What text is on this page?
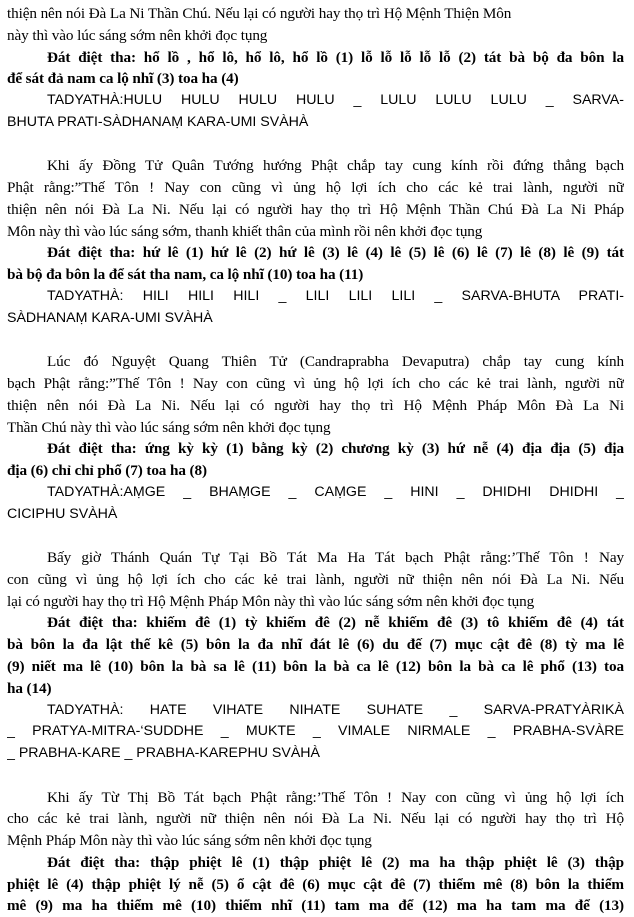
thiện nên nói Đà La Ni Thần Chú. Nếu lại có người hay thọ trì Hộ Mệnh Thiện Môn
này thì vào lúc sáng sớm nên khởi đọc tụng
Đát điệt tha: hổ lồ , hổ lô, hổ lô, hổ lồ (1) lỗ lỗ lỗ lỗ lỗ (2) tát bà bộ đa bôn la
để sát đả nam ca lộ nhĩ (3) toa ha (4)
TADYATHÀ:HULU HULU HULU HULU _ LULU LULU LULU _ SARVA-
BHUTA PRATI-SÀDHANAṂ KARA-UMI SVÀHÀ
Khi ấy Đồng Tử Quân Tướng hướng Phật chắp tay cung kính rồi đứng thẳng bạch
Phật rằng:”Thế Tôn ! Nay con cũng vì ủng hộ lợi ích cho các kẻ trai lành, người nữ
thiện nên nói Đà La Ni. Nếu lại có người hay thọ trì Hộ Mệnh Thần Chú Đà La Ni Pháp
Môn này thì vào lúc sáng sớm, thanh khiết thân của mình rồi nên khởi đọc tụng
Đát điệt tha: hứ lê (1) hứ lê (2) hứ lê (3) lê (4) lê (5) lê (6) lê (7) lê (8) lê (9) tát
bà bộ đa bôn la để sát tha nam, ca lộ nhĩ (10) toa ha (11)
TADYATHÀ: HILI HILI HILI _ LILI LILI LILI _ SARVA-BHUTA PRATI-
SÀDHANAṂ KARA-UMI SVÀHÀ
Lúc đó Nguyệt Quang Thiên Tử (Candraprabha Devaputra) chắp tay cung kính
bạch Phật rằng:”Thế Tôn ! Nay con cũng vì ủng hộ lợi ích cho các kẻ trai lành, người nữ
thiện nên nói Đà La Ni. Nếu lại có người hay thọ trì Hộ Mệnh Pháp Môn Đà La Ni
Thần Chú này thì vào lúc sáng sớm nên khởi đọc tụng
Đát điệt tha: ứng kỳ kỳ (1) bằng kỳ (2) chương kỳ (3) hứ nễ (4) địa địa (5) địa
địa (6) chỉ chỉ phổ (7) toa ha (8)
TADYATHÀ:AṂGE _ BHAṂGE _ CAṂGE _ HINI _ DHIDHI DHIDHI _
CICIPHU SVÀHÀ
Bấy giờ Thánh Quán Tự Tại Bồ Tát Ma Ha Tát bạch Phật rằng:’Thế Tôn ! Nay
con cũng vì ủng hộ lợi ích cho các kẻ trai lành, người nữ thiện nên nói Đà La Ni. Nếu
lại có người hay thọ trì Hộ Mệnh Pháp Môn này thì vào lúc sáng sớm nên khởi đọc tụng
Đát điệt tha: khiếm đê (1) tỳ khiếm đê (2) nễ khiếm đê (3) tô khiếm đê (4) tát
bà bôn la đa lật thế kê (5) bôn la đa nhĩ đát lê (6) du đế (7) mục cật đê (8) tỳ ma lê
(9) niết ma lê (10) bôn la bà sa lê (11) bôn la bà ca lê (12) bôn la bà ca lê phổ (13) toa
ha (14)
TADYATHÀ: HATE VIHATE NIHATE SUHATE _ SARVA-PRATYÀRIKÀ
_ PRATYA-MITRA-‘SUDDHE _ MUKTE _ VIMALE NIRMALE _ PRABHA-SVÀRE
_ PRABHA-KARE _ PRABHA-KAREPHU SVÀHÀ
Khi ấy Từ Thị Bồ Tát bạch Phật rằng:’Thế Tôn ! Nay con cũng vì ủng hộ lợi ích
cho các kẻ trai lành, người nữ thiện nên nói Đà La Ni. Nếu lại có người hay thọ trì Hộ
Mệnh Pháp Môn này thì vào lúc sáng sớm nên khởi đọc tụng
Đát điệt tha: thập phiệt lê (1) thập phiệt lê (2) ma ha thập phiệt lê (3) thập
phiệt lê (4) thập phiệt lý nễ (5) ổ cật đê (6) mục cật đê (7) thiểm mê (8) bôn la thiểm
mê (9) ma ha thiểm mê (10) thiểm nhĩ (11) tam ma để (12) ma ha tam ma để (13)
